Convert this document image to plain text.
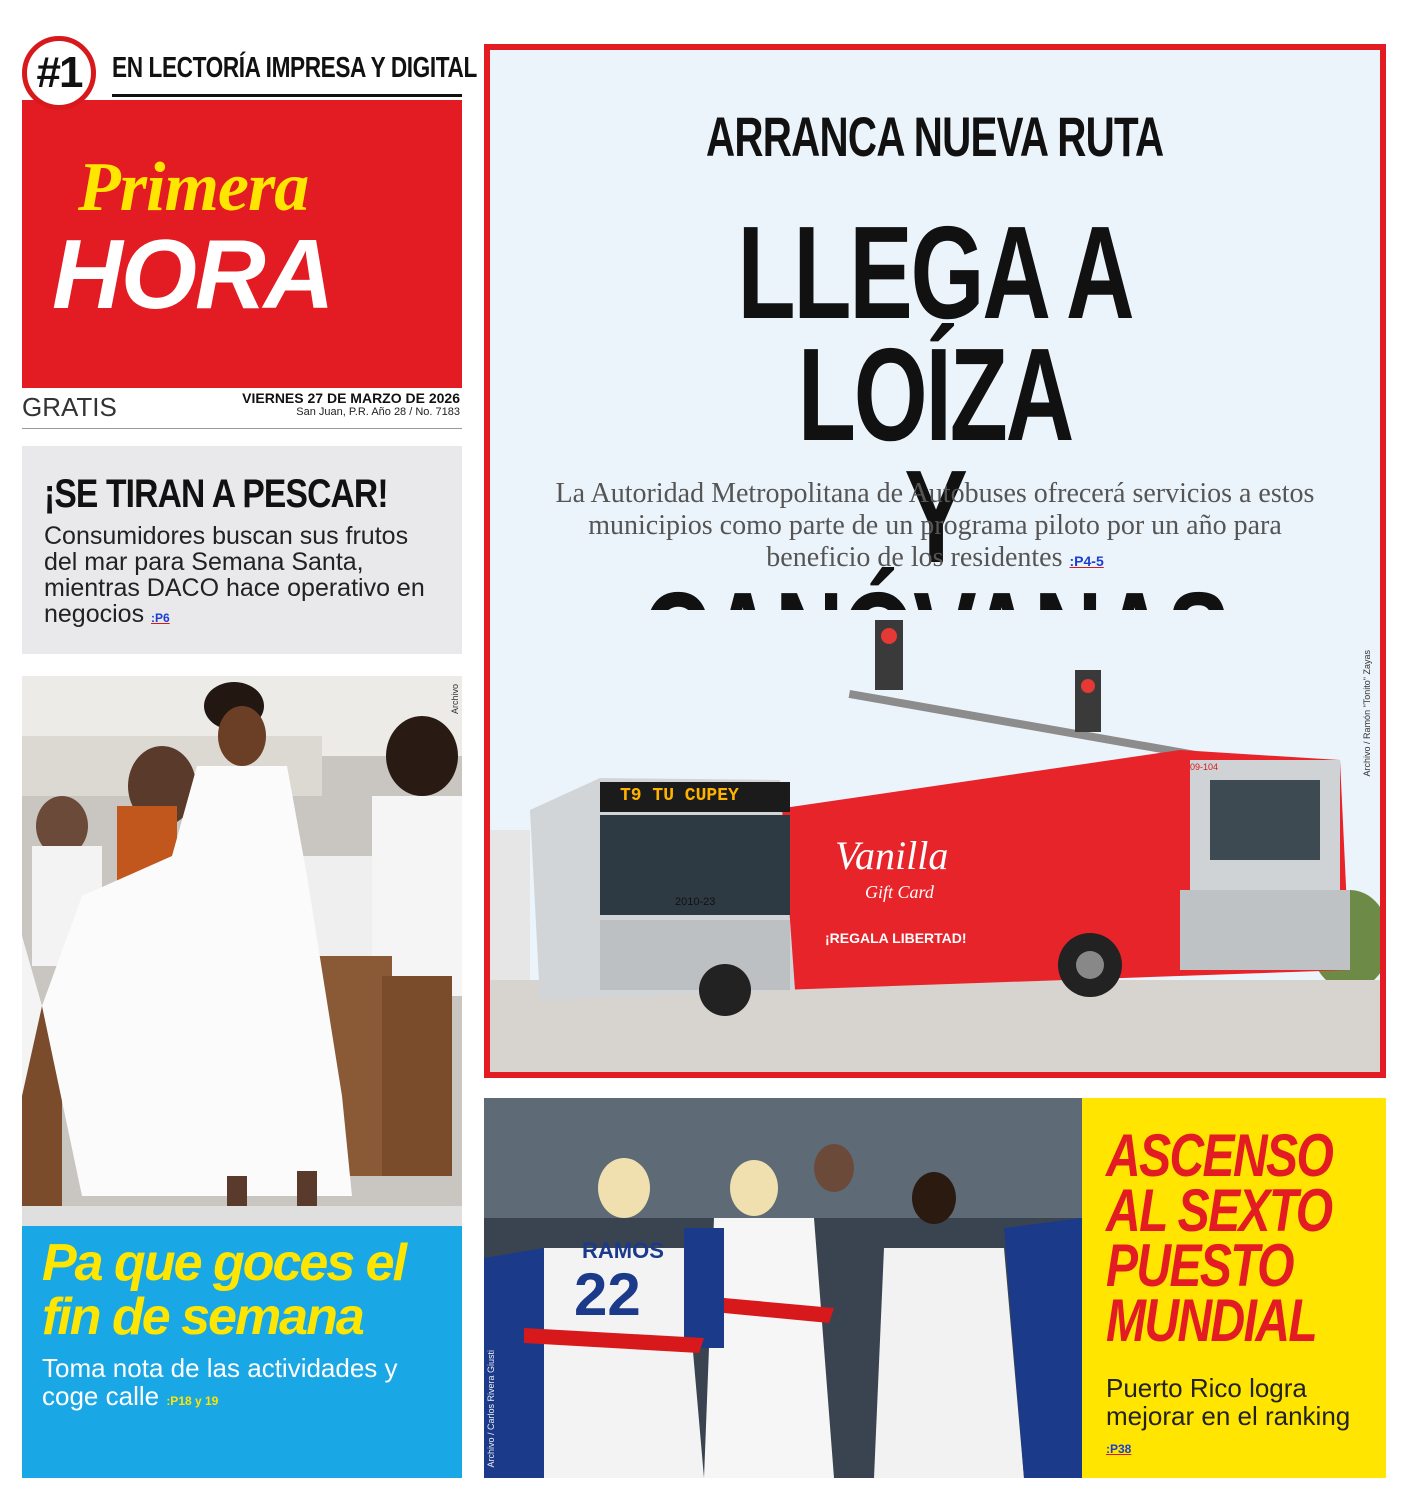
#1 EN LECTORÍA IMPRESA Y DIGITAL
Primera
HORA
GRATIS	VIERNES 27 DE MARZO DE 2026
San Juan, P.R. Año 28 / No. 7183
¡SE TIRAN A PESCAR!

Consumidores buscan sus frutos del mar para Semana Santa, mientras DACO hace operativo en negocios :P6

Archivo
Pa que goces el fin de semana

Toma nota de las actividades y coge calle :P18 y 19

ARRANCA NUEVA RUTA
LLEGA A LOÍZA
Y
La Autoridad Metropolitana de Autobuses ofrecerá servicios a estos municipios como parte de un programa piloto por un año para beneficio de los residentes :P4-5
T9 TU CUPEY
2010-23
09-104
Vanilla
Gift Card
¡REGALA LIBERTAD!
Archivo / Ramón "Tonito" Zayas
RAMOS
22
Archivo / Carlos Rivera Giusti
ASCENSO AL SEXTO PUESTO MUNDIAL

Puerto Rico logra mejorar en el ranking :P38
